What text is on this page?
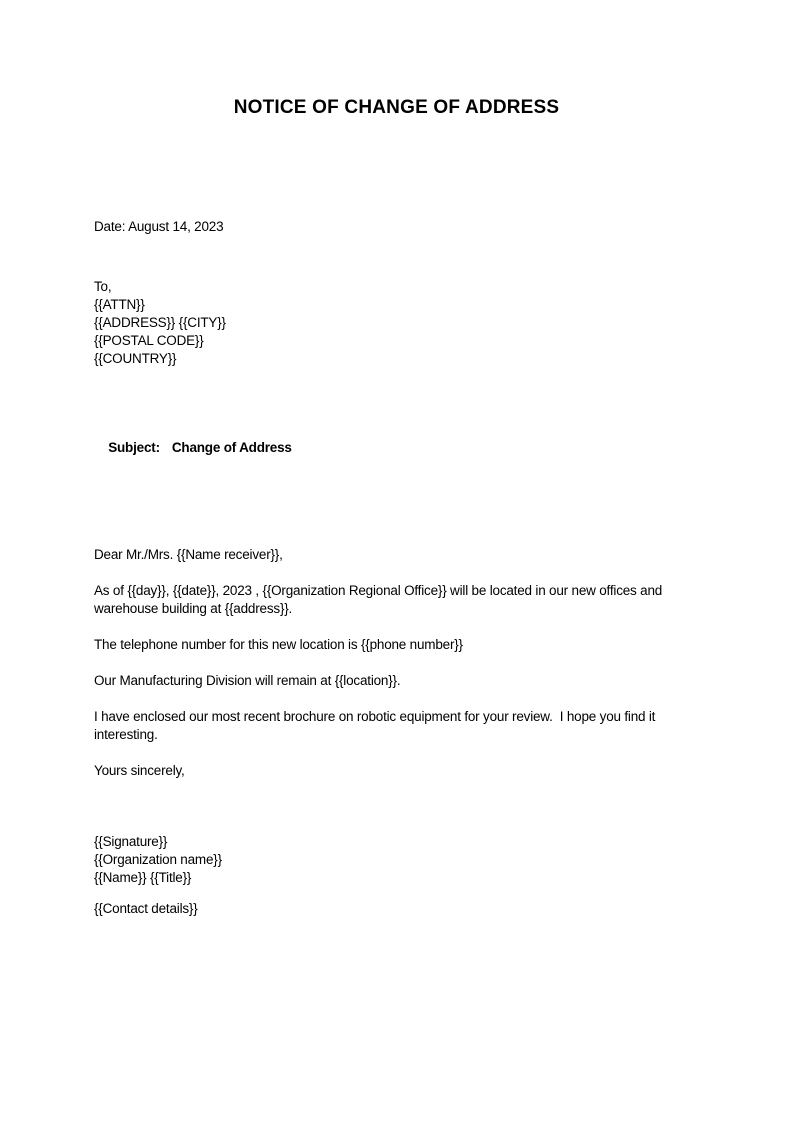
NOTICE OF CHANGE OF ADDRESS

Date: August 14, 2023

To,

{{ATTN}}

{{ADDRESS}} {{CITY}}

{{POSTAL CODE}}

{{COUNTRY}}

Subject: Change of Address

Dear Mr./Mrs. {{Name receiver}},

As of {{day}}, {{date}}, 2023 , {{Organization Regional Office}} will be located in our new offices and warehouse building at {{address}}.

The telephone number for this new location is {{phone number}}

Our Manufacturing Division will remain at {{location}}.

I have enclosed our most recent brochure on robotic equipment for your review.  I hope you find it interesting.

Yours sincerely,

{{Signature}}

{{Organization name}}

{{Name}} {{Title}}

{{Contact details}}
